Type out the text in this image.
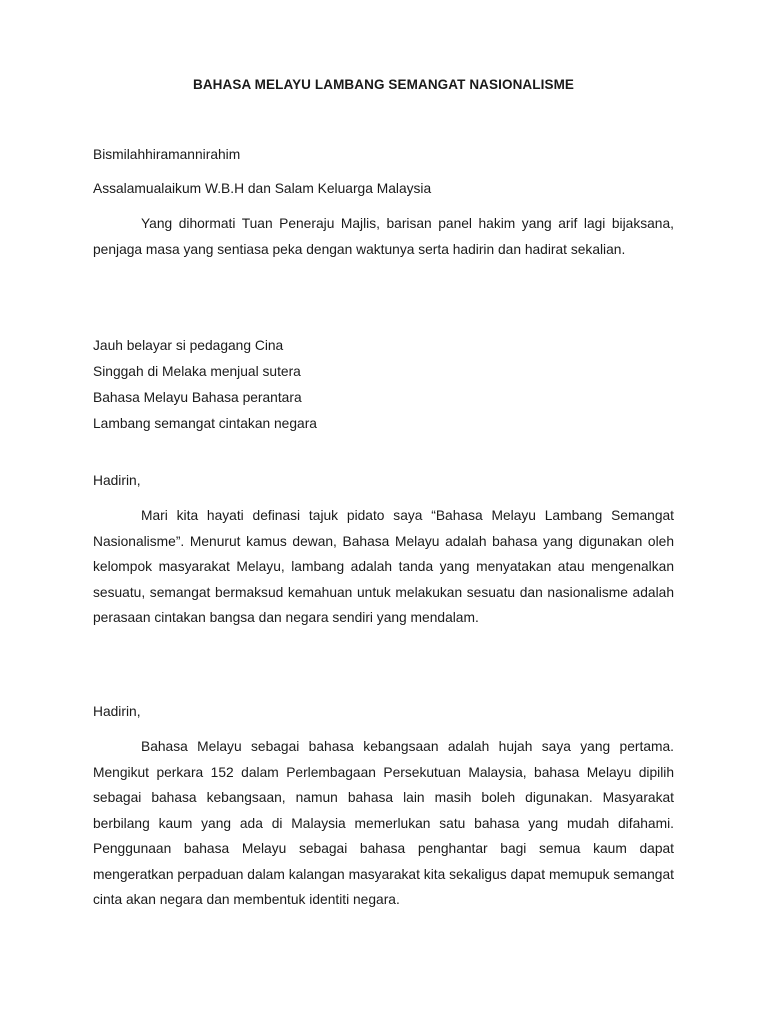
BAHASA MELAYU LAMBANG SEMANGAT NASIONALISME
Bismilahhiramannirahim
Assalamualaikum W.B.H dan Salam Keluarga Malaysia
Yang dihormati Tuan Peneraju Majlis, barisan panel hakim yang arif lagi bijaksana, penjaga masa yang sentiasa peka dengan waktunya serta hadirin dan hadirat sekalian.
Jauh belayar si pedagang Cina
Singgah di Melaka menjual sutera
Bahasa Melayu Bahasa perantara
Lambang semangat cintakan negara
Hadirin,
Mari kita hayati definasi tajuk pidato saya “Bahasa Melayu Lambang Semangat Nasionalisme”. Menurut kamus dewan, Bahasa Melayu adalah bahasa yang digunakan oleh kelompok masyarakat Melayu, lambang adalah tanda yang menyatakan atau mengenalkan sesuatu, semangat bermaksud kemahuan untuk melakukan sesuatu dan nasionalisme adalah perasaan cintakan bangsa dan negara sendiri yang mendalam.
Hadirin,
Bahasa Melayu sebagai bahasa kebangsaan adalah hujah saya yang pertama. Mengikut perkara 152 dalam Perlembagaan Persekutuan Malaysia, bahasa Melayu dipilih sebagai bahasa kebangsaan, namun bahasa lain masih boleh digunakan. Masyarakat berbilang kaum yang ada di Malaysia memerlukan satu bahasa yang mudah difahami. Penggunaan bahasa Melayu sebagai bahasa penghantar bagi semua kaum dapat mengeratkan perpaduan dalam kalangan masyarakat kita sekaligus dapat memupuk semangat cinta akan negara dan membentuk identiti negara.
